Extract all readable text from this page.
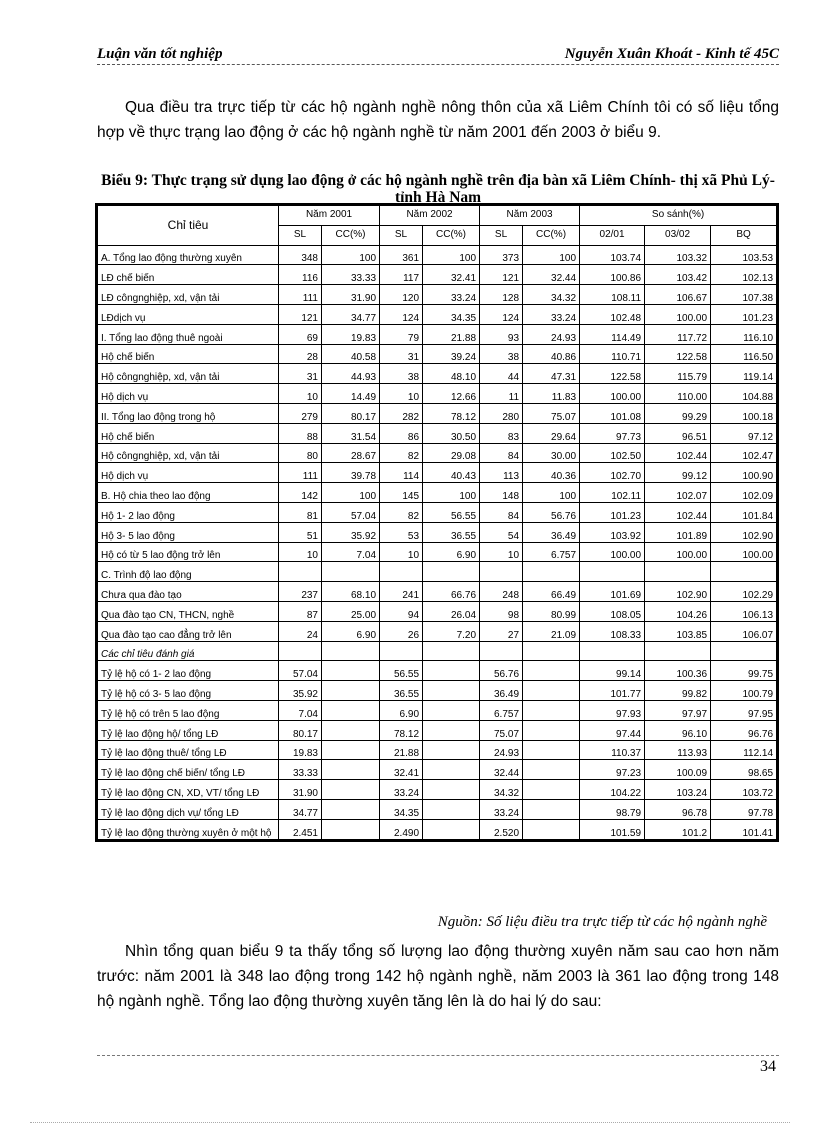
Luận văn tốt nghiệp	Nguyễn Xuân Khoát - Kinh tế 45C
Qua điều tra trực tiếp từ các hộ ngành nghề nông thôn của xã Liêm Chính tôi có số liệu tổng hợp về thực trạng lao động ở các hộ ngành nghề từ năm 2001 đến 2003 ở biểu 9.
Biểu 9: Thực trạng sử dụng lao động ở các hộ ngành nghề trên địa bàn xã Liêm Chính- thị xã Phủ Lý- tỉnh Hà Nam
Chỉ tiêu	Năm 2001		Năm 2002		Năm 2003		So sánh(%)		
	SL	CC(%)	SL	CC(%)	SL	CC(%)	02/01	03/02	BQ
A. Tổng lao động thường xuyên	348	100	361	100	373	100	103.74	103.32	103.53
LĐ chế biến	116	33.33	117	32.41	121	32.44	100.86	103.42	102.13
LĐ côngnghiệp, xd, vận tải	111	31.90	120	33.24	128	34.32	108.11	106.67	107.38
LĐdịch vụ	121	34.77	124	34.35	124	33.24	102.48	100.00	101.23
I. Tổng lao động thuê ngoài	69	19.83	79	21.88	93	24.93	114.49	117.72	116.10
Hộ chế biến	28	40.58	31	39.24	38	40.86	110.71	122.58	116.50
Hộ côngnghiệp, xd, vận tải	31	44.93	38	48.10	44	47.31	122.58	115.79	119.14
Hộ dịch vụ	10	14.49	10	12.66	11	11.83	100.00	110.00	104.88
II. Tổng lao động trong hộ	279	80.17	282	78.12	280	75.07	101.08	99.29	100.18
Hộ chế biến	88	31.54	86	30.50	83	29.64	97.73	96.51	97.12
Hộ côngnghiệp, xd, vận tải	80	28.67	82	29.08	84	30.00	102.50	102.44	102.47
Hộ dịch vụ	111	39.78	114	40.43	113	40.36	102.70	99.12	100.90
B. Hộ chia theo lao động	142	100	145	100	148	100	102.11	102.07	102.09
Hộ 1- 2 lao động	81	57.04	82	56.55	84	56.76	101.23	102.44	101.84
Hộ 3- 5 lao động	51	35.92	53	36.55	54	36.49	103.92	101.89	102.90
Hộ có từ 5 lao động trở lên	10	7.04	10	6.90	10	6.757	100.00	100.00	100.00
C. Trình độ lao động									
Chưa qua đào tạo	237	68.10	241	66.76	248	66.49	101.69	102.90	102.29
Qua đào tạo CN, THCN, nghề	87	25.00	94	26.04	98	80.99	108.05	104.26	106.13
Qua đào tạo cao đẳng trở lên	24	6.90	26	7.20	27	21.09	108.33	103.85	106.07
Các chỉ tiêu đánh giá									
Tỷ lệ hộ có 1- 2 lao động	57.04		56.55		56.76		99.14	100.36	99.75
Tỷ lệ hộ có 3- 5 lao động	35.92		36.55		36.49		101.77	99.82	100.79
Tỷ lệ hộ có trên 5 lao động	7.04		6.90		6.757		97.93	97.97	97.95
Tỷ lệ lao động hộ/ tổng LĐ	80.17		78.12		75.07		97.44	96.10	96.76
Tỷ lệ lao động thuê/ tổng LĐ	19.83		21.88		24.93		110.37	113.93	112.14
Tỷ lệ lao động chế biến/ tổng LĐ	33.33		32.41		32.44		97.23	100.09	98.65
Tỷ lệ lao động CN, XD, VT/ tổng LĐ	31.90		33.24		34.32		104.22	103.24	103.72
Tỷ lệ lao động dịch vụ/ tổng LĐ	34.77		34.35		33.24		98.79	96.78	97.78
Tỷ lệ lao động thường xuyên ở một hộ	2.451		2.490		2.520		101.59	101.2	101.41
Nguồn: Số liệu điều tra trực tiếp từ các hộ ngành nghề
Nhìn tổng quan biểu 9 ta thấy tổng số lượng lao động thường xuyên năm sau cao hơn năm trước: năm 2001 là 348 lao động trong 142 hộ ngành nghề, năm 2003 là 361 lao động trong 148 hộ ngành nghề. Tổng lao động thường xuyên tăng lên là do hai lý do sau:
34
